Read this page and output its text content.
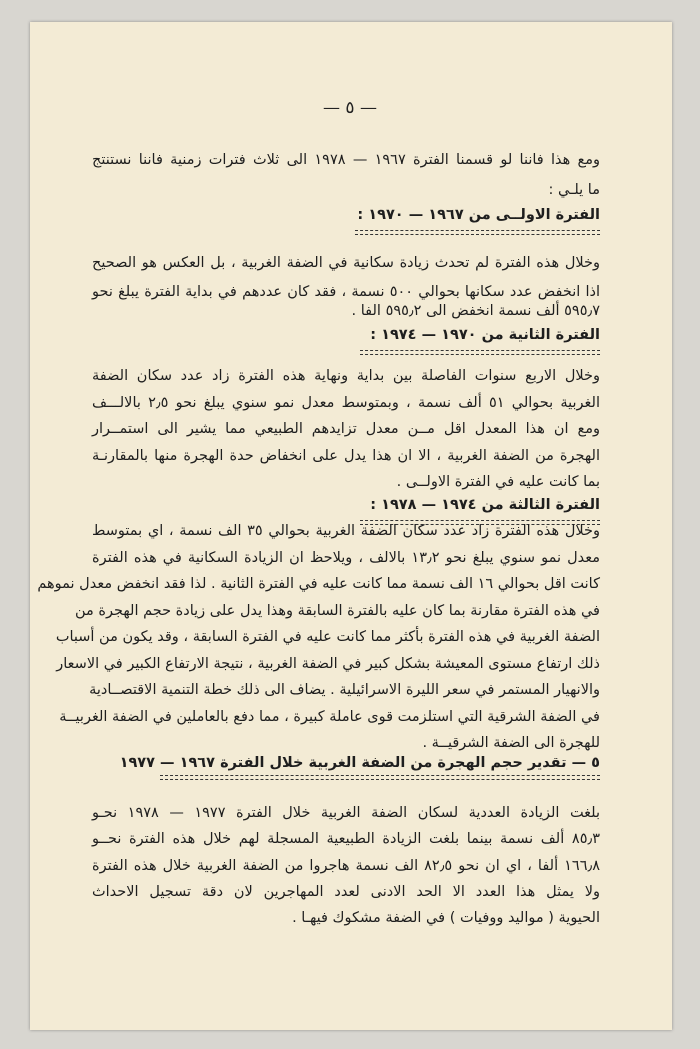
— ٥ —
ومع هذا فاننا لو قسمنا الفترة ١٩٦٧ — ١٩٧٨ الى ثلاث فترات زمنية فاننا نستنتج
ما يلـي :
الفترة الاولــى من ١٩٦٧ — ١٩٧٠ :
وخلال هذه الفترة لم تحدث زيادة سكانية في الضفة الغربية ، بل العكس هو الصحيح
اذا انخفض عدد سكانها بحوالي ٥٠٠ نسمة ، فقد كان عددهم في بداية الفترة يبلغ نحو
٥٩٥٫٧ ألف نسمة انخفض الى ٥٩٥٫٢ الفا .
الفترة الثانية من ١٩٧٠ — ١٩٧٤ :
وخلال الاربع سنوات الفاصلة بين بداية ونهاية هذه الفترة زاد عدد سكان الضفة
الغربية بحوالي ٥١ ألف نسمة ، وبمتوسط معدل نمو سنوي يبلغ نحو ٢٫٥ بالالـــف
ومع ان هذا المعدل اقل مــن معدل تزايدهم الطبيعي مما يشير الى استمــرار
الهجرة من الضفة الغربية ، الا ان هذا يدل على انخفاض حدة الهجرة منها بالمقارنـة
بما كانت عليه في الفترة الاولــى .
الفترة الثالثة من ١٩٧٤ — ١٩٧٨ :
وخلال هذه الفترة زاد عدد سكان الضفة الغربية بحوالي ٣٥ الف نسمة ، اي بمتوسط
معدل نمو سنوي يبلغ نحو ١٣٫٢ بالالف ، ويلاحظ ان الزيادة السكانية في هذه الفترة
كانت اقل بحوالي ١٦ الف نسمة مما كانت عليه في الفترة الثانية . لذا فقد انخفض معدل نموهم
في هذه الفترة مقارنة بما كان عليه بالفترة السابقة وهذا يدل على زيادة حجم الهجرة من
الضفة الغربية في هذه الفترة بأكثر مما كانت عليه في الفترة السابقة ، وقد يكون من أسباب
ذلك ارتفاع مستوى المعيشة بشكل كبير في الضفة الغربية ، نتيجة الارتفاع الكبير في الاسعار
والانهيار المستمر في سعر الليرة الاسرائيلية . يضاف الى ذلك خطة التنمية الاقتصــادية
في الضفة الشرقية التي استلزمت قوى عاملة كبيرة ، مما دفع بالعاملين في الضفة الغربيــة
للهجرة الى الضفة الشرقيــة .
٥ — تقدير حجم الهجرة من الضفة الغربية خلال الفترة ١٩٦٧ — ١٩٧٧
بلغت الزيادة العددية لسكان الضفة الغربية خلال الفترة ١٩٧٧ — ١٩٧٨ نحـو
٨٥٫٣ ألف نسمة بينما بلغت الزيادة الطبيعية المسجلة لهم خلال هذه الفترة نحــو
١٦٦٫٨ ألفا ، اي ان نحو ٨٢٫٥ الف نسمة هاجروا من الضفة الغربية خلال هذه الفترة
ولا يمثل هذا العدد الا الحد الادنى لعدد المهاجرين لان دقة تسجيل الاحداث
الحيوية ( مواليد ووفيات ) في الضفة مشكوك فيهـا .
